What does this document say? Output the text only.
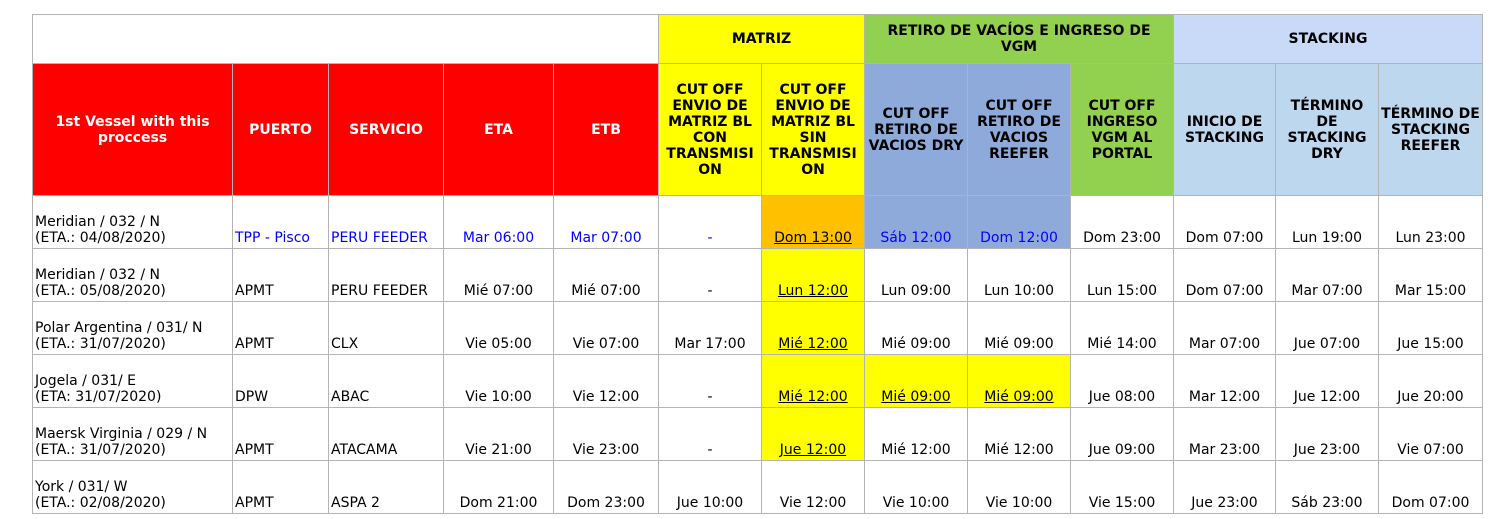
					MATRIZ		RETIRO DE VACÍOS E INGRESO DE VGM			STACKING		
1st Vessel with this proccess	PUERTO	SERVICIO	ETA	ETB	CUT OFF ENVIO DE MATRIZ BL CON TRANSMISI ON	CUT OFF ENVIO DE MATRIZ BL SIN TRANSMISI ON	CUT OFF RETIRO DE VACIOS DRY	CUT OFF RETIRO DE VACIOS REEFER	CUT OFF INGRESO VGM AL PORTAL	INICIO DE STACKING	TÉRMINO DE STACKING DRY	TÉRMINO DE STACKING REEFER
Meridian / 032 / N
(ETA.: 04/08/2020)	TPP - Pisco	PERU FEEDER	Mar 06:00	Mar 07:00	-	Dom 13:00	Sáb 12:00	Dom 12:00	Dom 23:00	Dom 07:00	Lun 19:00	Lun 23:00
Meridian / 032 / N
(ETA.: 05/08/2020)	APMT	PERU FEEDER	Mié 07:00	Mié 07:00	-	Lun 12:00	Lun 09:00	Lun 10:00	Lun 15:00	Dom 07:00	Mar 07:00	Mar 15:00
Polar Argentina / 031/ N
(ETA.: 31/07/2020)	APMT	CLX	Vie 05:00	Vie 07:00	Mar 17:00	Mié 12:00	Mié 09:00	Mié 09:00	Mié 14:00	Mar 07:00	Jue 07:00	Jue 15:00
Jogela / 031/ E
(ETA: 31/07/2020)	DPW	ABAC	Vie 10:00	Vie 12:00	-	Mié 12:00	Mié 09:00	Mié 09:00	Jue 08:00	Mar 12:00	Jue 12:00	Jue 20:00
Maersk Virginia / 029 / N
(ETA.: 31/07/2020)	APMT	ATACAMA	Vie 21:00	Vie 23:00	-	Jue 12:00	Mié 12:00	Mié 12:00	Jue 09:00	Mar 23:00	Jue 23:00	Vie 07:00
York / 031/ W
(ETA.: 02/08/2020)	APMT	ASPA 2	Dom 21:00	Dom 23:00	Jue 10:00	Vie 12:00	Vie 10:00	Vie 10:00	Vie 15:00	Jue 23:00	Sáb 23:00	Dom 07:00
